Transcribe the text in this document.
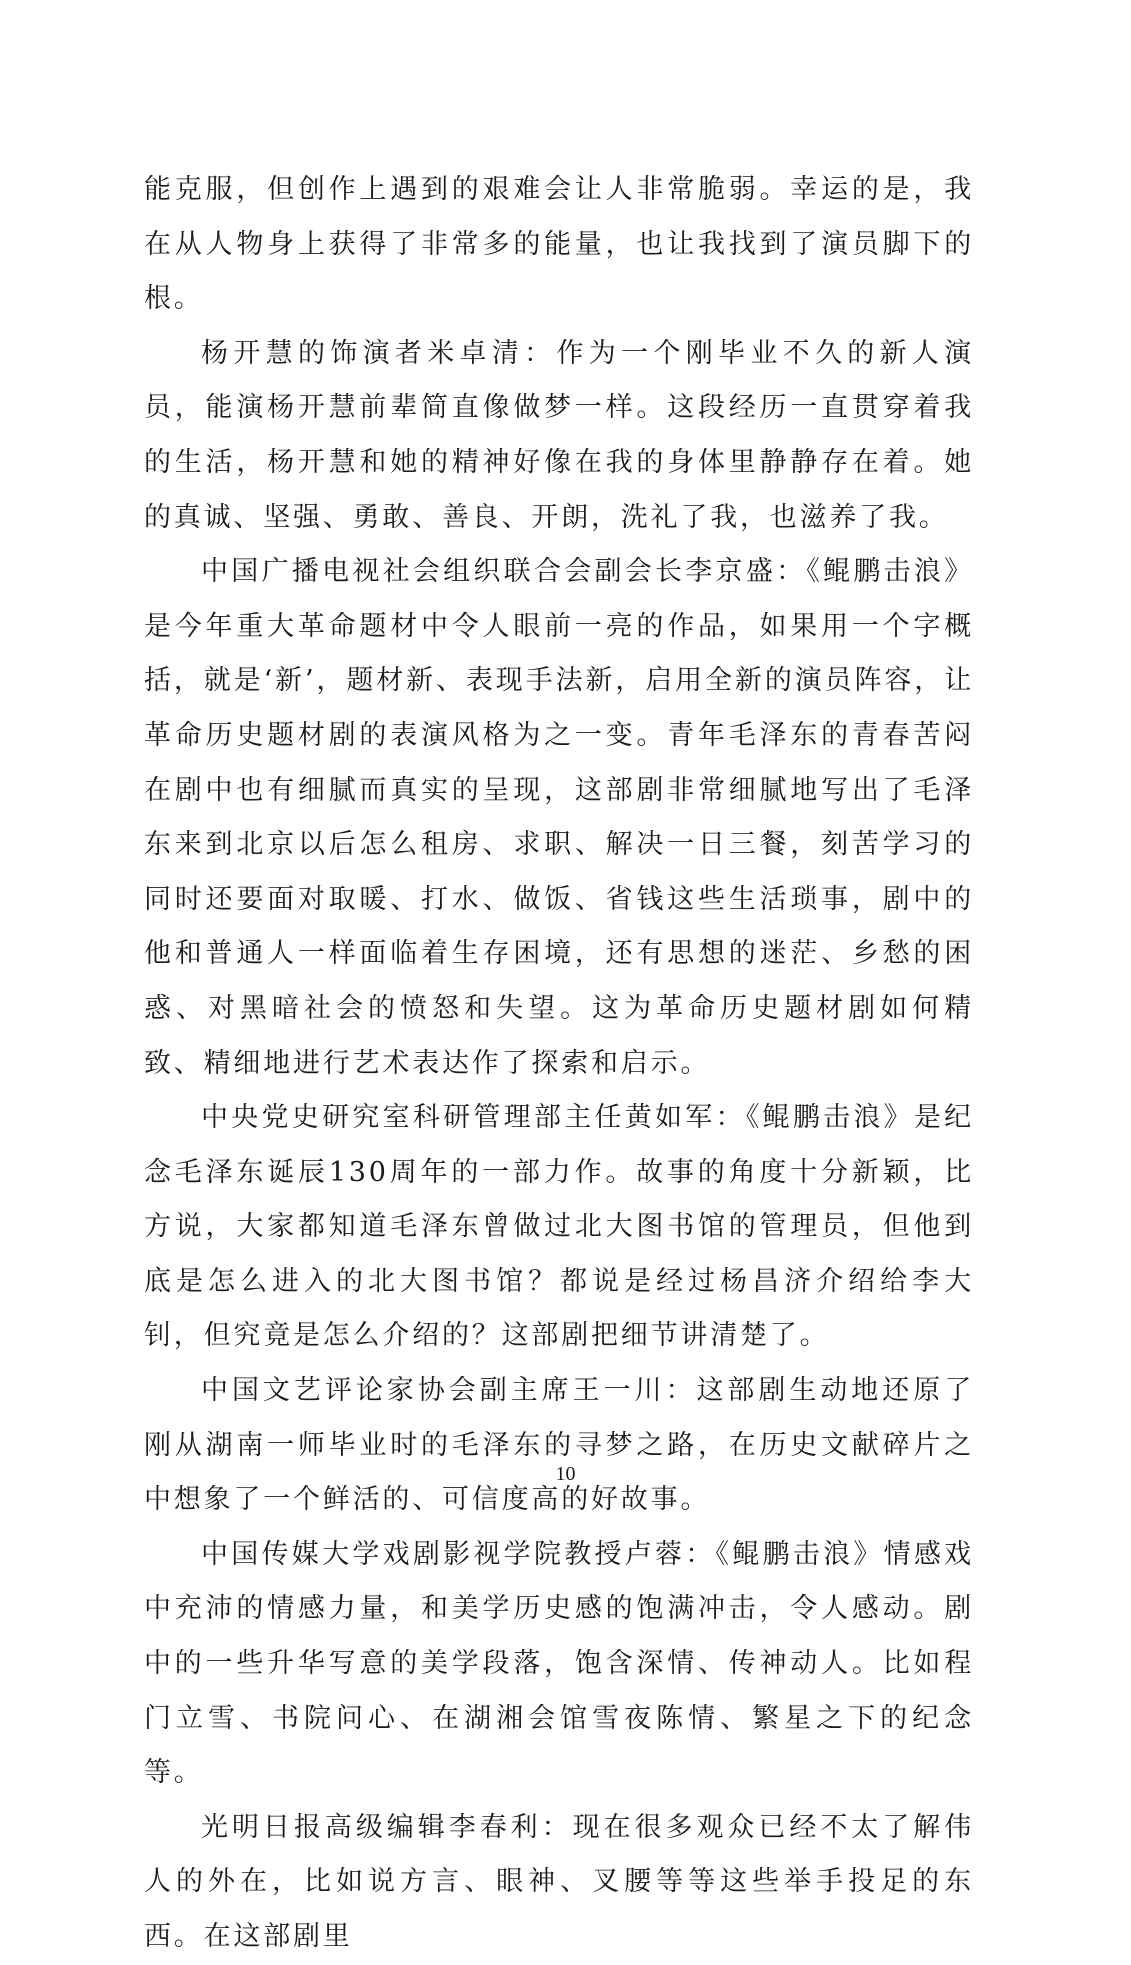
能克服，但创作上遇到的艰难会让人非常脆弱。幸运的是，我在从人物身上获得了非常多的能量，也让我找到了演员脚下的根。

杨开慧的饰演者米卓清：作为一个刚毕业不久的新人演员，能演杨开慧前辈简直像做梦一样。这段经历一直贯穿着我的生活，杨开慧和她的精神好像在我的身体里静静存在着。她的真诚、坚强、勇敢、善良、开朗，洗礼了我，也滋养了我。

中国广播电视社会组织联合会副会长李京盛：《鲲鹏击浪》是今年重大革命题材中令人眼前一亮的作品，如果用一个字概括，就是‘新’，题材新、表现手法新，启用全新的演员阵容，让革命历史题材剧的表演风格为之一变。青年毛泽东的青春苦闷在剧中也有细腻而真实的呈现，这部剧非常细腻地写出了毛泽东来到北京以后怎么租房、求职、解决一日三餐，刻苦学习的同时还要面对取暖、打水、做饭、省钱这些生活琐事，剧中的他和普通人一样面临着生存困境，还有思想的迷茫、乡愁的困惑、对黑暗社会的愤怒和失望。这为革命历史题材剧如何精致、精细地进行艺术表达作了探索和启示。

中央党史研究室科研管理部主任黄如军：《鲲鹏击浪》是纪念毛泽东诞辰130周年的一部力作。故事的角度十分新颖，比方说，大家都知道毛泽东曾做过北大图书馆的管理员，但他到底是怎么进入的北大图书馆？都说是经过杨昌济介绍给李大钊，但究竟是怎么介绍的？这部剧把细节讲清楚了。

中国文艺评论家协会副主席王一川：这部剧生动地还原了刚从湖南一师毕业时的毛泽东的寻梦之路，在历史文献碎片之中想象了一个鲜活的、可信度高的好故事。

中国传媒大学戏剧影视学院教授卢蓉：《鲲鹏击浪》情感戏中充沛的情感力量，和美学历史感的饱满冲击，令人感动。剧中的一些升华写意的美学段落，饱含深情、传神动人。比如程门立雪、书院问心、在湖湘会馆雪夜陈情、繁星之下的纪念等。

光明日报高级编辑李春利：现在很多观众已经不太了解伟人的外在，比如说方言、眼神、叉腰等等这些举手投足的东西。在这部剧里

10
